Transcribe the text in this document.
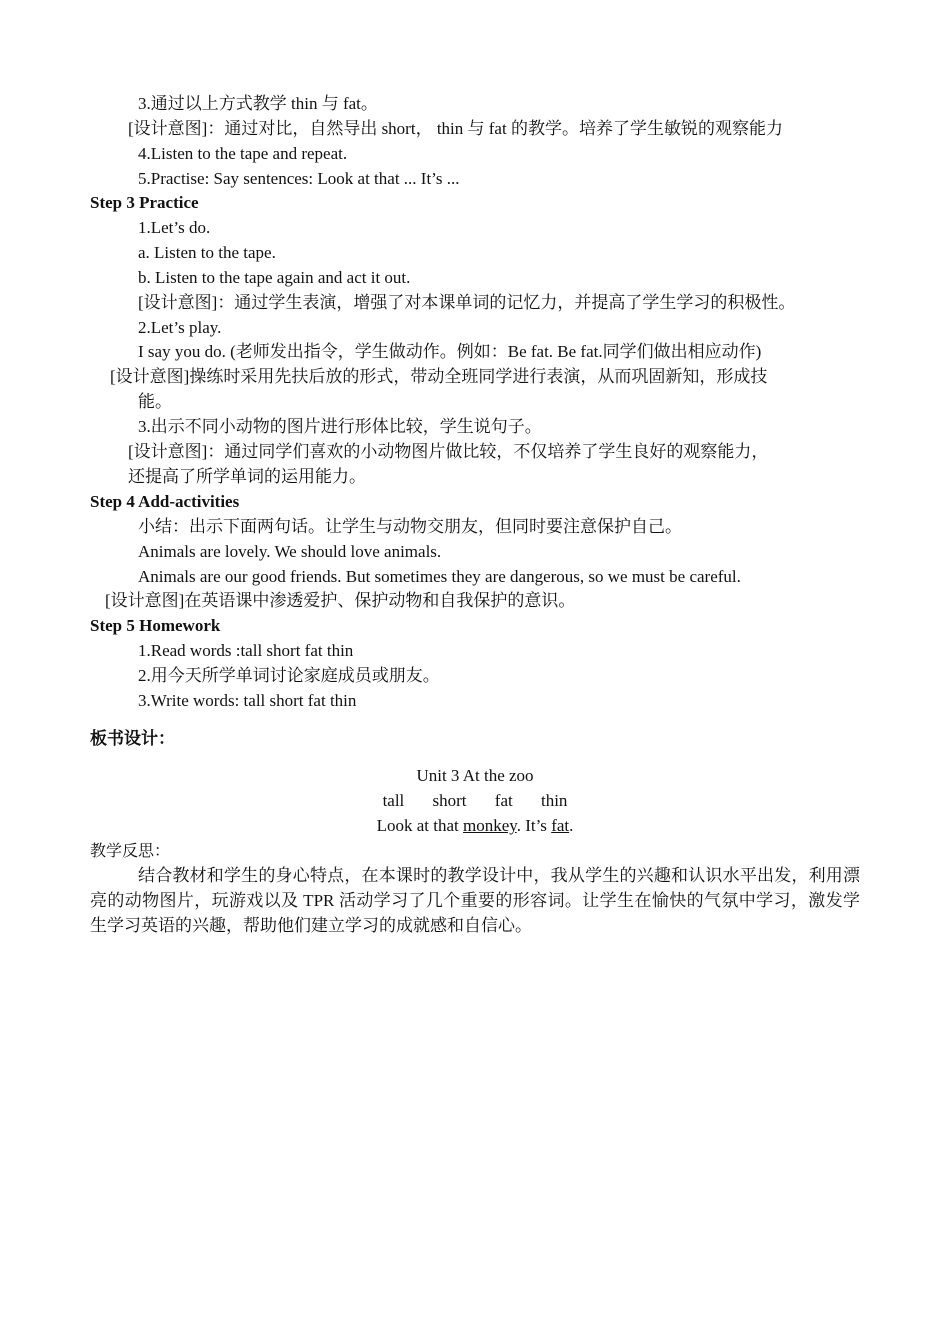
3.通过以上方式教学 thin 与 fat。
[设计意图]：通过对比，自然导出 short， thin 与 fat 的教学。培养了学生敏锐的观察能力
4.Listen to the tape and repeat.
5.Practise: Say sentences: Look at that ... It’s ...
Step 3 Practice
1.Let’s do.
a. Listen to the tape.
b. Listen to the tape again and act it out.
[设计意图]：通过学生表演，增强了对本课单词的记忆力，并提高了学生学习的积极性。
2.Let’s play.
I say you do. (老师发出指令，学生做动作。例如：Be fat. Be fat.同学们做出相应动作)
[设计意图]操练时采用先扶后放的形式，带动全班同学进行表演，从而巩固新知，形成技
能。
3.出示不同小动物的图片进行形体比较，学生说句子。
[设计意图]：通过同学们喜欢的小动物图片做比较，不仅培养了学生良好的观察能力，
还提高了所学单词的运用能力。
Step 4 Add-activities
小结：出示下面两句话。让学生与动物交朋友，但同时要注意保护自己。
Animals are lovely. We should love animals.
Animals are our good friends. But sometimes they are dangerous, so we must be careful.
[设计意图]在英语课中渗透爱护、保护动物和自我保护的意识。
Step 5 Homework
1.Read words :tall short fat thin
2.用今天所学单词讨论家庭成员或朋友。
3.Write words: tall short fat thin
板书设计：
Unit 3 At the zoo
tall short fat thin
Look at that monkey. It’s fat.
教学反思：
结合教材和学生的身心特点，在本课时的教学设计中，我从学生的兴趣和认识水平出发，利用漂亮的动物图片，玩游戏以及 TPR 活动学习了几个重要的形容词。让学生在愉快的气氛中学习，激发学生学习英语的兴趣，帮助他们建立学习的成就感和自信心。
